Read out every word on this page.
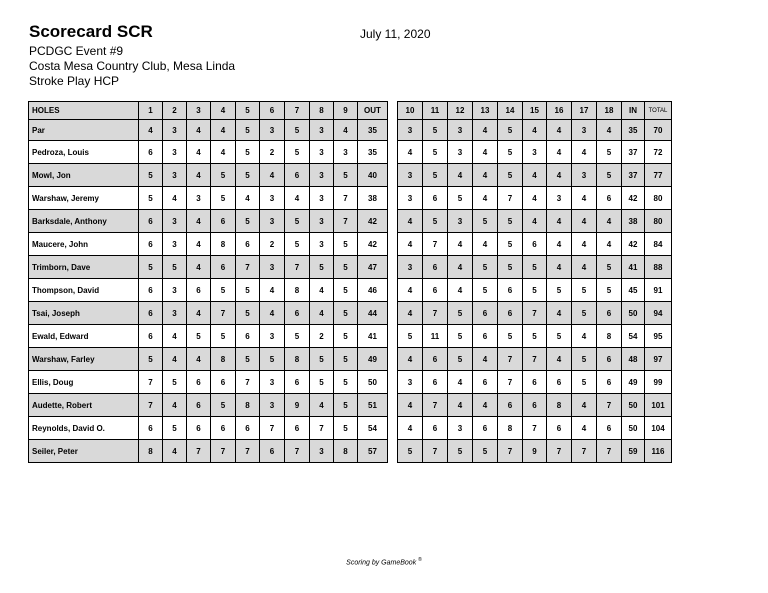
Scorecard SCR	July 11, 2020
PCDGC Event #9
Costa Mesa Country Club, Mesa Linda
Stroke Play HCP
HOLES	1	2	3	4	5	6	7	8	9	OUT
Par	4	3	4	4	5	3	5	3	4	35
Pedroza, Louis	6	3	4	4	5	2	5	3	3	35
Mowl, Jon	5	3	4	5	5	4	6	3	5	40
Warshaw, Jeremy	5	4	3	5	4	3	4	3	7	38
Barksdale, Anthony	6	3	4	6	5	3	5	3	7	42
Maucere, John	6	3	4	8	6	2	5	3	5	42
Trimborn, Dave	5	5	4	6	7	3	7	5	5	47
Thompson, David	6	3	6	5	5	4	8	4	5	46
Tsai, Joseph	6	3	4	7	5	4	6	4	5	44
Ewald, Edward	6	4	5	5	6	3	5	2	5	41
Warshaw, Farley	5	4	4	8	5	5	8	5	5	49
Ellis, Doug	7	5	6	6	7	3	6	5	5	50
Audette, Robert	7	4	6	5	8	3	9	4	5	51
Reynolds, David O.	6	5	6	6	6	7	6	7	5	54
Seiler, Peter	8	4	7	7	7	6	7	3	8	57
10	11	12	13	14	15	16	17	18	IN	TOTAL
3	5	3	4	5	4	4	3	4	35	70
4	5	3	4	5	3	4	4	5	37	72
3	5	4	4	5	4	4	3	5	37	77
3	6	5	4	7	4	3	4	6	42	80
4	5	3	5	5	4	4	4	4	38	80
4	7	4	4	5	6	4	4	4	42	84
3	6	4	5	5	5	4	4	5	41	88
4	6	4	5	6	5	5	5	5	45	91
4	7	5	6	6	7	4	5	6	50	94
5	11	5	6	5	5	5	4	8	54	95
4	6	5	4	7	7	4	5	6	48	97
3	6	4	6	7	6	6	5	6	49	99
4	7	4	4	6	6	8	4	7	50	101
4	6	3	6	8	7	6	4	6	50	104
5	7	5	5	7	9	7	7	7	59	116
Scoring by GameBook ®
